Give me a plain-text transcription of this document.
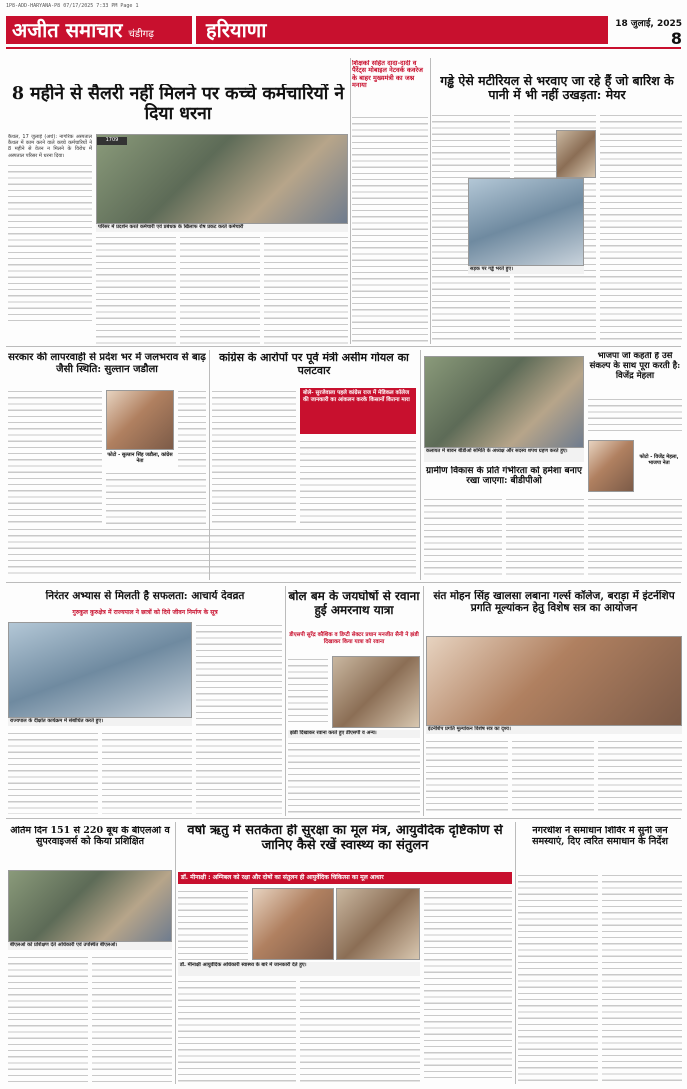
1P8-ADD-HARYANA-P8 07/17/2025 7:33 PM Page 1
अजीत समाचार चंडीगढ़	हरियाणा	18 जुलाई, 2025
8
8 महीने से सैलरी नहीं मिलने पर कच्चे कर्मचारियों ने दिया धरना
कैथल, 17 जुलाई (अर्थ): नागरिक अस्पताल कैथल में काम करने वाले कच्चे कर्मचारियों ने 8 महीने से वेतन न मिलने के विरोध में अस्पताल परिसर में धरना दिया।
1709
परिसर में प्रदर्शन करते कर्मचारी एवं प्रबंधक के खिलाफ रोष प्रकट करते कर्मचारी
शिक्षकों सहित दादा-दादी व पैरेंट्स मोबाइल नेटवर्क कवरेज के बाहर मुख्यमंत्री का जश्न मनाया	गड्ढे ऐसे मटीरियल से भरवाए जा रहे हैं जो बारिश के पानी में भी नहीं उखड़ता: मेयर
सड़क पर गड्ढे भरते हुए।
सरकार की लापरवाही से प्रदेश भर में जलभराव से बाढ़ जैसी स्थिति: सुल्तान जडौला
फोटो - सुल्तान सिंह जडौला, कांग्रेस नेता
कांग्रेस के आरोपों पर पूर्व मंत्री असीम गोयल का पलटवार
बोले- सुरजेवाला पहले कांग्रेस राज में मेडिकल कॉलेज की जानकारी का आंकलन करके किसानों कितना मारा
कलायत में बावन बीडीओ समिति के अध्यक्ष और सदस्य शपथ ग्रहण करते हुए।
भाजपा जो कहती है उसे संकल्प के साथ पूरा करती है: विजेंद्र मेहला
फोटो - विजेंद्र मेहला, भाजपा नेता
ग्रामीण विकास के प्रति गंभीरता को हमेशा बनाए रखा जाएगा: बीडीपीओ
निरंतर अभ्यास से मिलती है सफलता: आचार्य देवव्रत
गुरुकुल कुरुक्षेत्र में राज्यपाल ने छात्रों को दिये जीवन निर्माण के सूत्र
राज्यपाल के दीक्षांत कार्यक्रम में संबोधित करते हुए।
बोल बम के जयघोषों से रवाना हुई अमरनाथ यात्रा
डीएसपी सुरेंद्र कौशिक व डिप्टी सेक्टर प्रधान मनजीत सैनी ने झंडी दिखाकर किया यात्रा को रवाना
झंडी दिखाकर रवाना करते हुए डीएसपी व अन्य।
संत मोहन सिंह खालसा लबाना गर्ल्स कॉलेज, बराड़ा में इंटर्नशिप प्रगति मूल्यांकन हेतु विशेष सत्र का आयोजन
इंटर्नशिप प्रगति मूल्यांकन विशेष सत्र का दृश्य।
अंतिम दिन 151 से 220 बूथ के बीएलओ व सुपरवाइजर्स को किया प्रशिक्षित
बीएलओ को प्रशिक्षण देते अधिकारी एवं उपस्थित बीएलओ।
वर्षा ऋतु में सतर्कता ही सुरक्षा का मूल मंत्र, आयुर्वेदिक दृष्टिकोण से जानिए कैसे रखें स्वास्थ्य का संतुलन
डॉ. मीनाक्षी : अग्निबल को रक्षा और दोषों का संतुलन ही आयुर्वेदिक चिकित्सा का मूल आधार
डॉ. मीनाक्षी आयुर्वेदिक अधिकारी स्वास्थ्य के बारे में जानकारी देते हुए।
नगरधीश ने समाधान शिविर में सुनीं जन समस्याएं, दिए त्वरित समाधान के निर्देश
